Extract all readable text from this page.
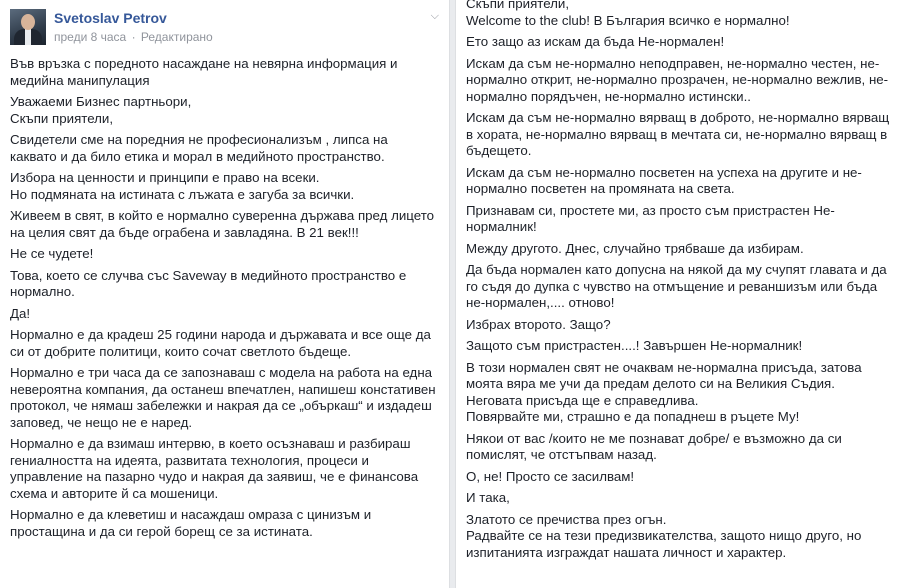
Svetoslav Petrov
преди 8 часа · Редактирано
⌵

Във връзка с поредното насаждане на невярна информация и медийна манипулация

Уважаеми Бизнес партньори,
Скъпи приятели,

Свидетели сме на поредния не професионализъм , липса на каквато и да било етика и морал в медийното пространство.

Избора на ценности и принципи е право на всеки.
Но подмяната на истината с лъжата е загуба за всички.

Живеем в свят, в който е нормално суверенна държава пред лицето на целия свят да бъде ограбена и завладяна. В 21 век!!!

Не се чудете!

Това, което се случва със Saveway в медийното пространство е нормално.

Да!

Нормално е да крадеш 25 години народа и държавата и все още да си от добрите политици, които сочат светлото бъдеще.

Нормално е три часа да се запознаваш с модела на работа на една невероятна компания, да останеш впечатлен, напишеш констативен протокол, че нямаш забележки и накрая да се „объркаш“ и издадеш заповед, че нещо не е наред.

Нормално е да взимаш интервю, в което осъзнаваш и разбираш гениалността на идеята, развитата технология, процеси и управление на пазарно чудо и накрая да заявиш, че е финансова схема и авторите й са мошеници.

Нормално е да клеветиш и насаждаш омраза с цинизъм и простащина и да си герой борещ се за истината.

Скъпи приятели,
Welcome to the club! В България всичко е нормално!

Ето защо аз искам да бъда Не-нормален!

Искам да съм не-нормално неподправен, не-нормално честен, не-нормално открит, не-нормално прозрачен, не-нормално вежлив, не-нормално порядъчен, не-нормално истински..

Искам да съм не-нормално вярващ в доброто, не-нормално вярващ в хората, не-нормално вярващ в мечтата си, не-нормално вярващ в бъдещето.

Искам да съм не-нормално посветен на успеха на другите и не-нормално посветен на промяната на света.

Признавам си, простете ми, аз просто съм пристрастен Не-нормалник!

Между другото. Днес, случайно трябваше да избирам.

Да бъда нормален като допусна на някой да му счупят главата и да го съдя до дупка с чувство на отмъщение и реваншизъм или бъда не-нормален,.... отново!

Избрах второто. Защо?

Защото съм пристрастен....! Завършен Не-нормалник!

В този нормален свят не очаквам не-нормална присъда, затова моята вяра ме учи да предам делото си на Великия Съдия.
Неговата присъда ще е справедлива.
Повярвайте ми, страшно е да попаднеш в ръцете Му!

Някои от вас /които не ме познават добре/ е възможно да си помислят, че отстъпвам назад.

О, не! Просто се засилвам!

И така,

Златото се пречиства през огън.
Радвайте се на тези предизвикателства, защото нищо друго, но изпитанията изграждат нашата личност и характер.
